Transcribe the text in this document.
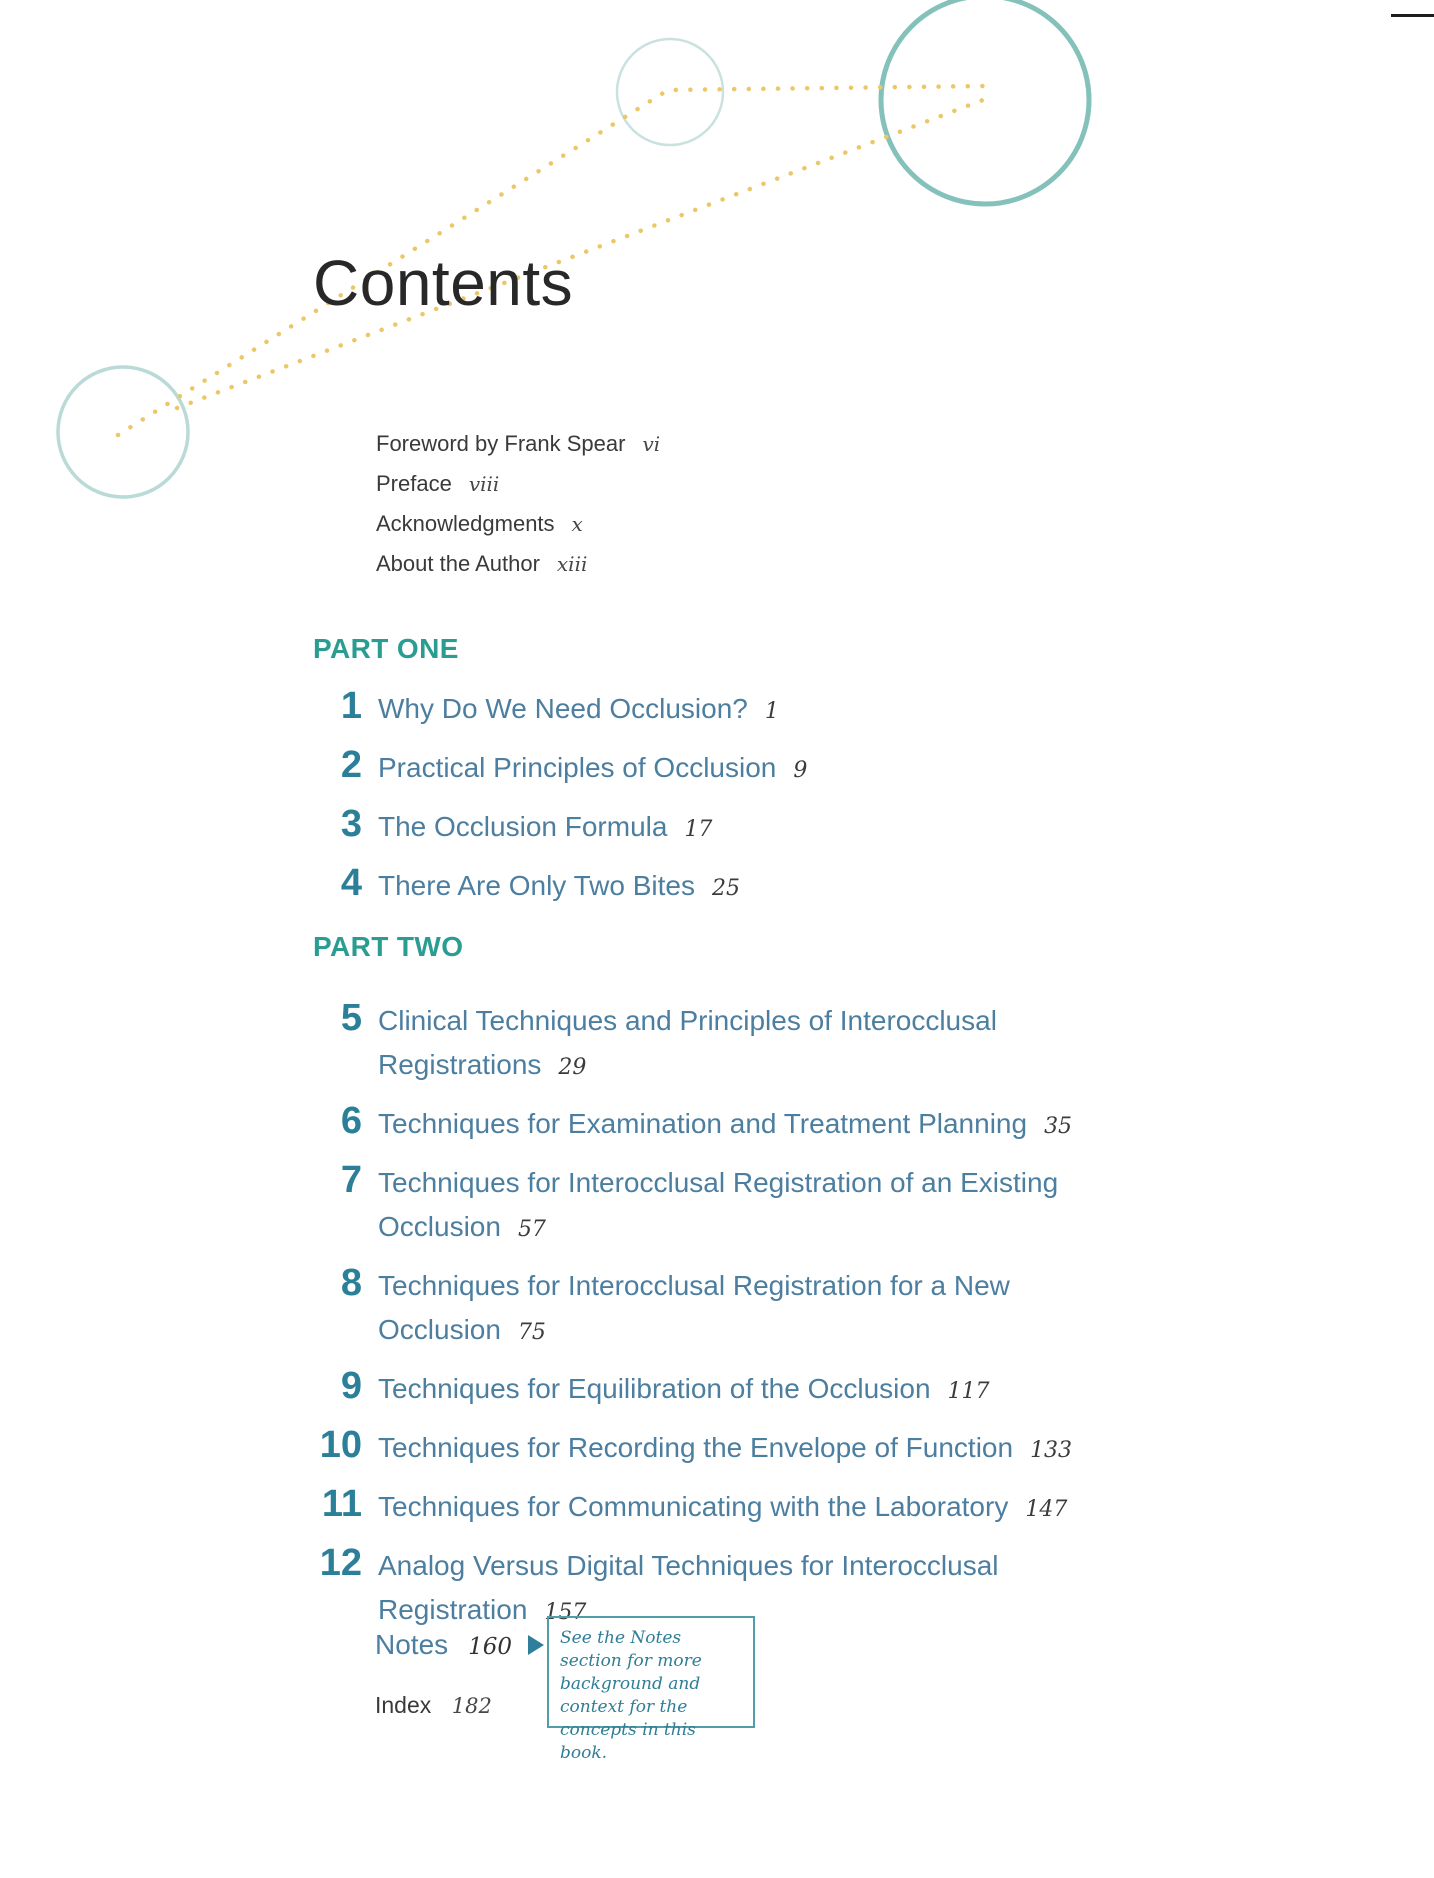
Contents
Foreword by Frank Spear vi
Preface viii
Acknowledgments x
About the Author xiii
PART ONE
1 Why Do We Need Occlusion? 1
2 Practical Principles of Occlusion 9
3 The Occlusion Formula 17
4 There Are Only Two Bites 25
PART TWO
5 Clinical Techniques and Principles of Interocclusal Registrations 29
6 Techniques for Examination and Treatment Planning 35
7 Techniques for Interocclusal Registration of an Existing Occlusion 57
8 Techniques for Interocclusal Registration for a New Occlusion 75
9 Techniques for Equilibration of the Occlusion 117
10 Techniques for Recording the Envelope of Function 133
11 Techniques for Communicating with the Laboratory 147
12 Analog Versus Digital Techniques for Interocclusal Registration 157
Notes 160	See the Notes section for more background and context for the concepts in this book.
Index 182
